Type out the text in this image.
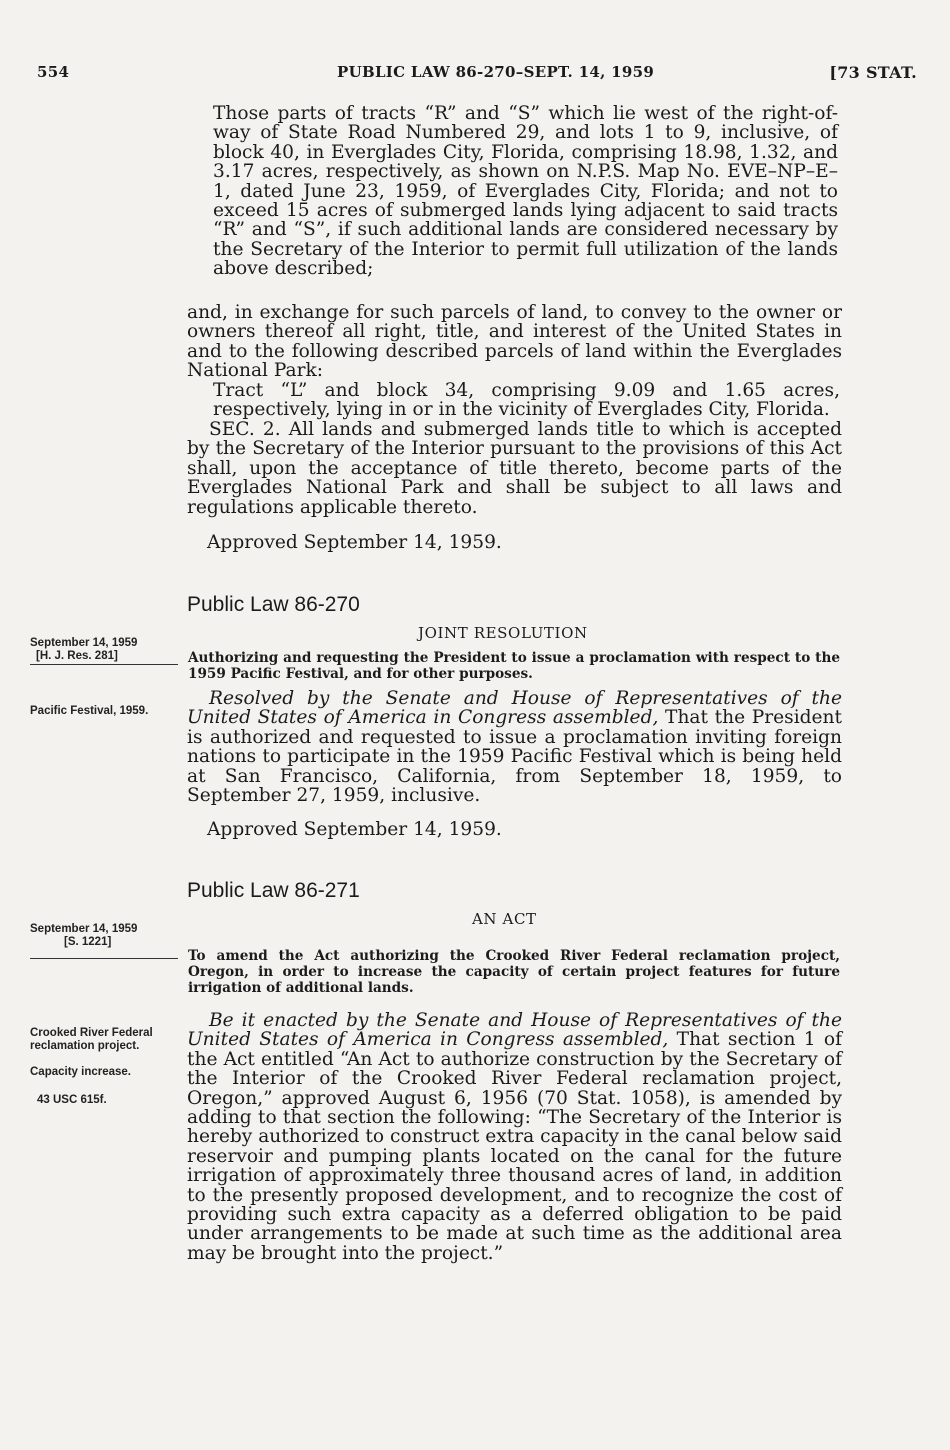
554	PUBLIC LAW 86-270–SEPT. 14, 1959	[73 STAT.

Those parts of tracts “R” and “S” which lie west of the right-of-way of State Road Numbered 29, and lots 1 to 9, inclusive, of block 40, in Everglades City, Florida, comprising 18.98, 1.32, and 3.17 acres, respectively, as shown on N.P.S. Map No. EVE–NP–E–1, dated June 23, 1959, of Everglades City, Florida; and not to exceed 15 acres of submerged lands lying adjacent to said tracts “R” and “S”, if such additional lands are considered necessary by the Secretary of the Interior to permit full utilization of the lands above described;

and, in exchange for such parcels of land, to convey to the owner or owners thereof all right, title, and interest of the United States in and to the following described parcels of land within the Everglades National Park:

Tract “L” and block 34, comprising 9.09 and 1.65 acres, respectively, lying in or in the vicinity of Everglades City, Florida.

SEC. 2. All lands and submerged lands title to which is accepted by the Secretary of the Interior pursuant to the provisions of this Act shall, upon the acceptance of title thereto, become parts of the Everglades National Park and shall be subject to all laws and regulations applicable thereto.

Approved September 14, 1959.

Public Law 86-270
JOINT RESOLUTION
September 14, 1959
[H. J. Res. 281]	Authorizing and requesting the President to issue a proclamation with respect to the 1959 Pacific Festival, and for other purposes.
Pacific Festival, 1959.

Resolved by the Senate and House of Representatives of the United States of America in Congress assembled, That the President is authorized and requested to issue a proclamation inviting foreign nations to participate in the 1959 Pacific Festival which is being held at San Francisco, California, from September 18, 1959, to September 27, 1959, inclusive.

Approved September 14, 1959.

Public Law 86-271
AN ACT
September 14, 1959
[S. 1221]
To amend the Act authorizing the Crooked River Federal reclamation project, Oregon, in order to increase the capacity of certain project features for future irrigation of additional lands.
Crooked River Federal reclamation project.
Capacity increase.
43 USC 615f.

Be it enacted by the Senate and House of Representatives of the United States of America in Congress assembled, That section 1 of the Act entitled “An Act to authorize construction by the Secretary of the Interior of the Crooked River Federal reclamation project, Oregon,” approved August 6, 1956 (70 Stat. 1058), is amended by adding to that section the following: “The Secretary of the Interior is hereby authorized to construct extra capacity in the canal below said reservoir and pumping plants located on the canal for the future irrigation of approximately three thousand acres of land, in addition to the presently proposed development, and to recognize the cost of providing such extra capacity as a deferred obligation to be paid under arrangements to be made at such time as the additional area may be brought into the project.”
